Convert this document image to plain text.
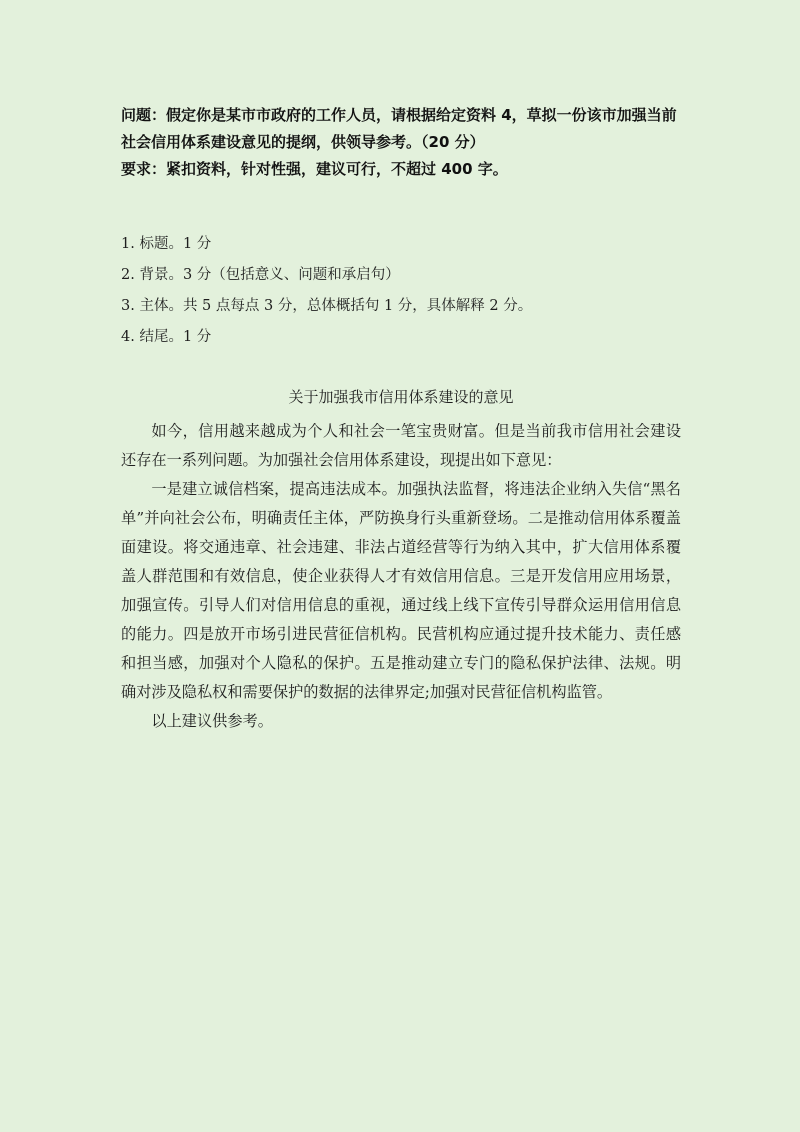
问题：假定你是某市市政府的工作人员，请根据给定资料 4，草拟一份该市加强当前社会信用体系建设意见的提纲，供领导参考。（20 分）

要求：紧扣资料，针对性强，建议可行，不超过 400 字。

1. 标题。1 分

2. 背景。3 分（包括意义、问题和承启句）

3. 主体。共 5 点每点 3 分，总体概括句 1 分，具体解释 2 分。

4. 结尾。1 分

关于加强我市信用体系建设的意见

如今，信用越来越成为个人和社会一笔宝贵财富。但是当前我市信用社会建设还存在一系列问题。为加强社会信用体系建设，现提出如下意见：

一是建立诚信档案，提高违法成本。加强执法监督，将违法企业纳入失信“黑名单”并向社会公布，明确责任主体，严防换身行头重新登场。二是推动信用体系覆盖面建设。将交通违章、社会违建、非法占道经营等行为纳入其中，扩大信用体系覆盖人群范围和有效信息，使企业获得人才有效信用信息。三是开发信用应用场景，加强宣传。引导人们对信用信息的重视，通过线上线下宣传引导群众运用信用信息的能力。四是放开市场引进民营征信机构。民营机构应通过提升技术能力、责任感和担当感，加强对个人隐私的保护。五是推动建立专门的隐私保护法律、法规。明确对涉及隐私权和需要保护的数据的法律界定;加强对民营征信机构监管。

以上建议供参考。
